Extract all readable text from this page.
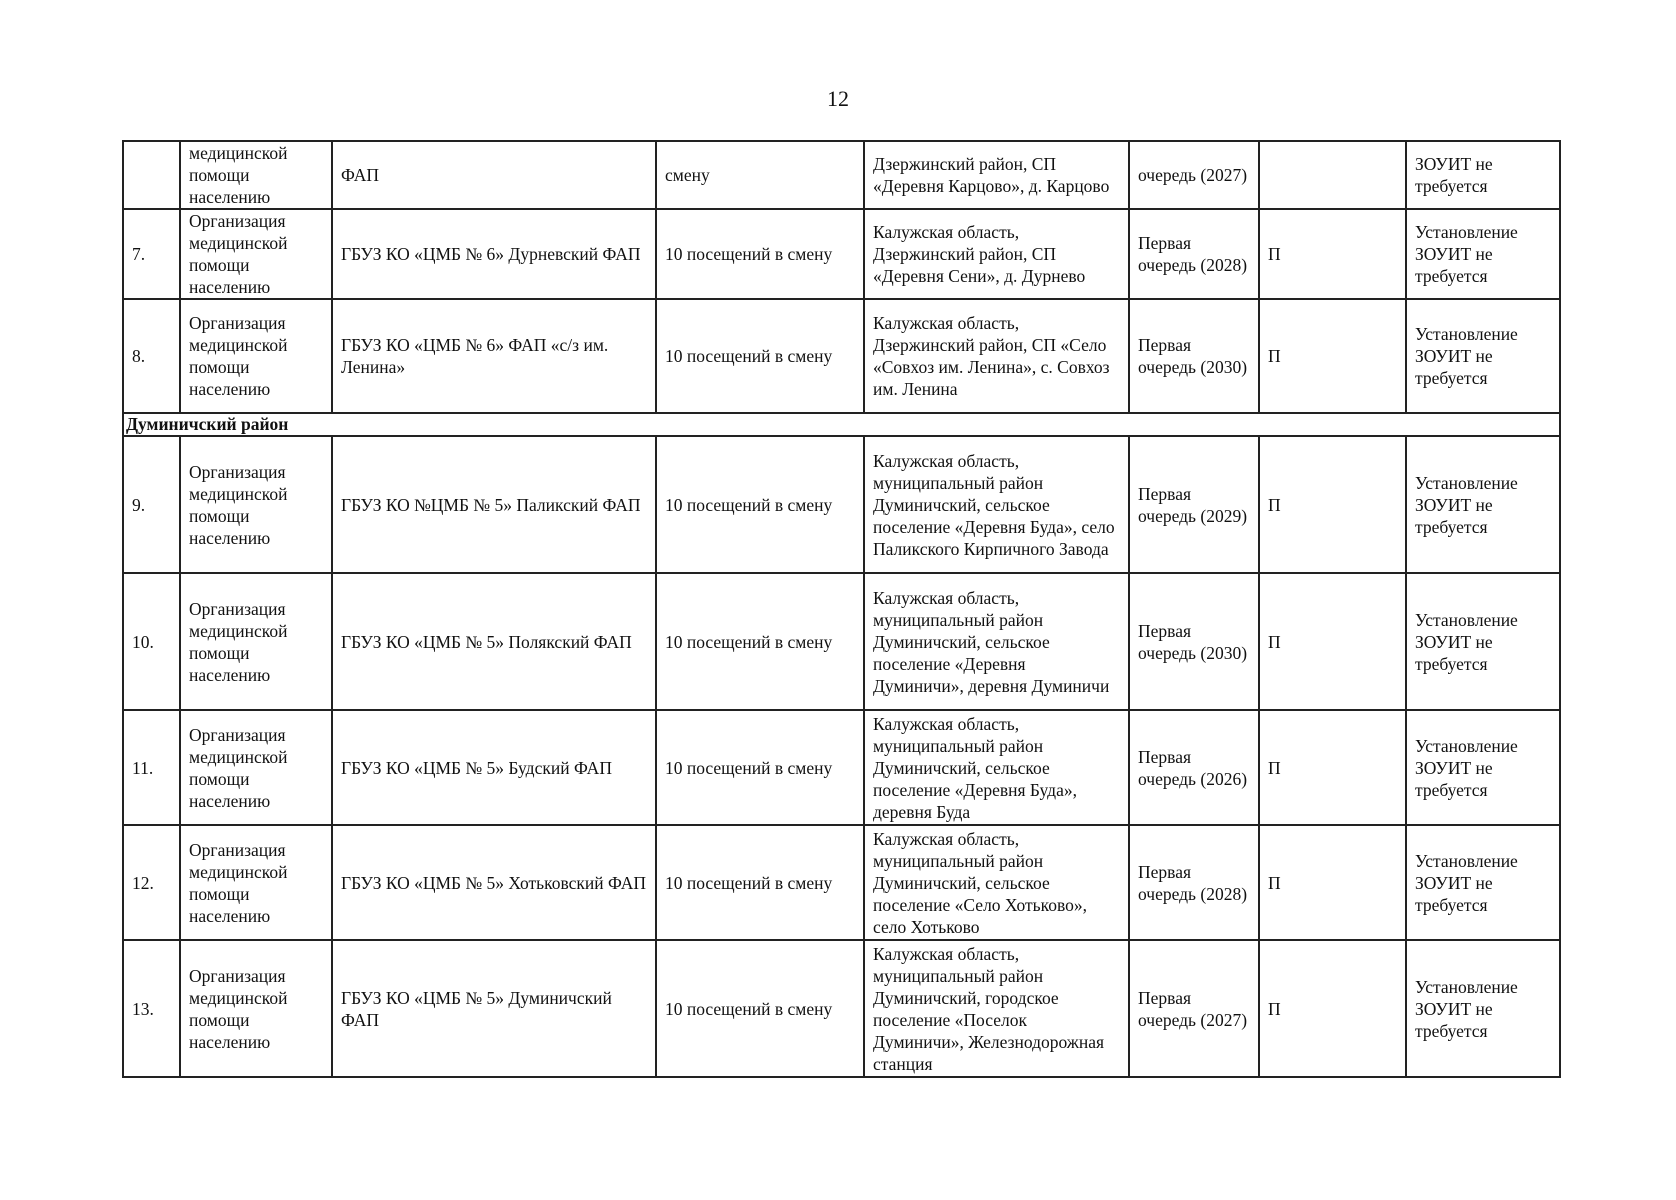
12
	медицинской помощи населению	ФАП	смену	Дзержинский район, СП «Деревня Карцово», д. Карцово	очередь (2027)		ЗОУИТ не требуется
7.	Организация медицинской помощи населению	ГБУЗ КО «ЦМБ № 6» Дурневский ФАП	10 посещений в смену	Калужская область, Дзержинский район, СП «Деревня Сени», д. Дурнево	Первая очередь (2028)	П	Установление ЗОУИТ не требуется
8.	Организация медицинской помощи населению	ГБУЗ КО «ЦМБ № 6» ФАП «с/з им. Ленина»	10 посещений в смену	Калужская область, Дзержинский район, СП «Село «Совхоз им. Ленина», с. Совхоз им. Ленина	Первая очередь (2030)	П	Установление ЗОУИТ не требуется
Думиничский район							
9.	Организация медицинской помощи населению	ГБУЗ КО №ЦМБ № 5» Паликский ФАП	10 посещений в смену	Калужская область, муниципальный район Думиничский, сельское поселение «Деревня Буда», село Паликского Кирпичного Завода	Первая очередь (2029)	П	Установление ЗОУИТ не требуется
10.	Организация медицинской помощи населению	ГБУЗ КО «ЦМБ № 5» Полякский ФАП	10 посещений в смену	Калужская область, муниципальный район Думиничский, сельское поселение «Деревня Думиничи», деревня Думиничи	Первая очередь (2030)	П	Установление ЗОУИТ не требуется
11.	Организация медицинской помощи населению	ГБУЗ КО «ЦМБ № 5» Будский ФАП	10 посещений в смену	Калужская область, муниципальный район Думиничский, сельское поселение «Деревня Буда», деревня Буда	Первая очередь (2026)	П	Установление ЗОУИТ не требуется
12.	Организация медицинской помощи населению	ГБУЗ КО «ЦМБ № 5» Хотьковский ФАП	10 посещений в смену	Калужская область, муниципальный район Думиничский, сельское поселение «Село Хотьково», село Хотьково	Первая очередь (2028)	П	Установление ЗОУИТ не требуется
13.	Организация медицинской помощи населению	ГБУЗ КО «ЦМБ № 5» Думиничский ФАП	10 посещений в смену	Калужская область, муниципальный район Думиничский, городское поселение «Поселок Думиничи», Железнодорожная станция	Первая очередь (2027)	П	Установление ЗОУИТ не требуется
